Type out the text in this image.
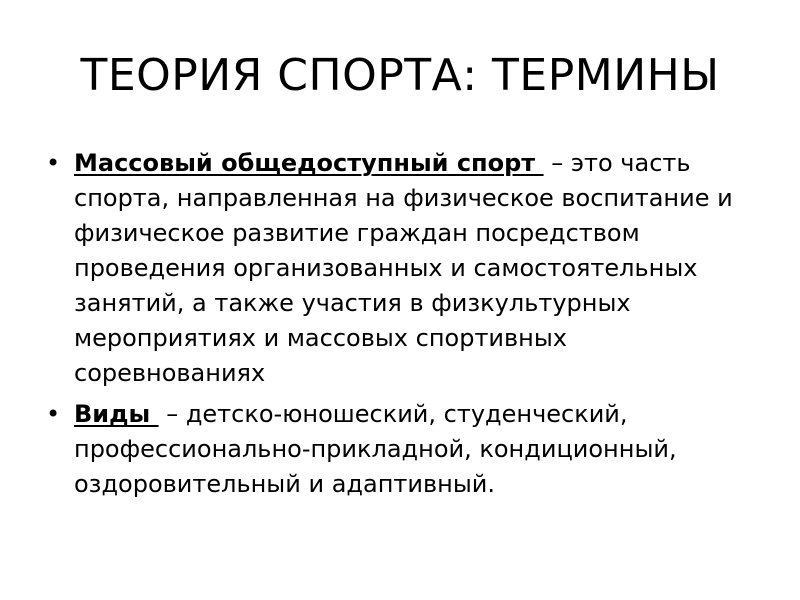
ТЕОРИЯ СПОРТА: ТЕРМИНЫ
• Массовый общедоступный спорт  – это часть спорта, направленная на физическое воспитание и физическое развитие граждан посредством проведения организованных и самостоятельных занятий, а также участия в физкультурных мероприятиях и массовых спортивных соревнованиях
• Виды  – детско-юношеский, студенческий, профессионально-прикладной, кондиционный, оздоровительный и адаптивный.
